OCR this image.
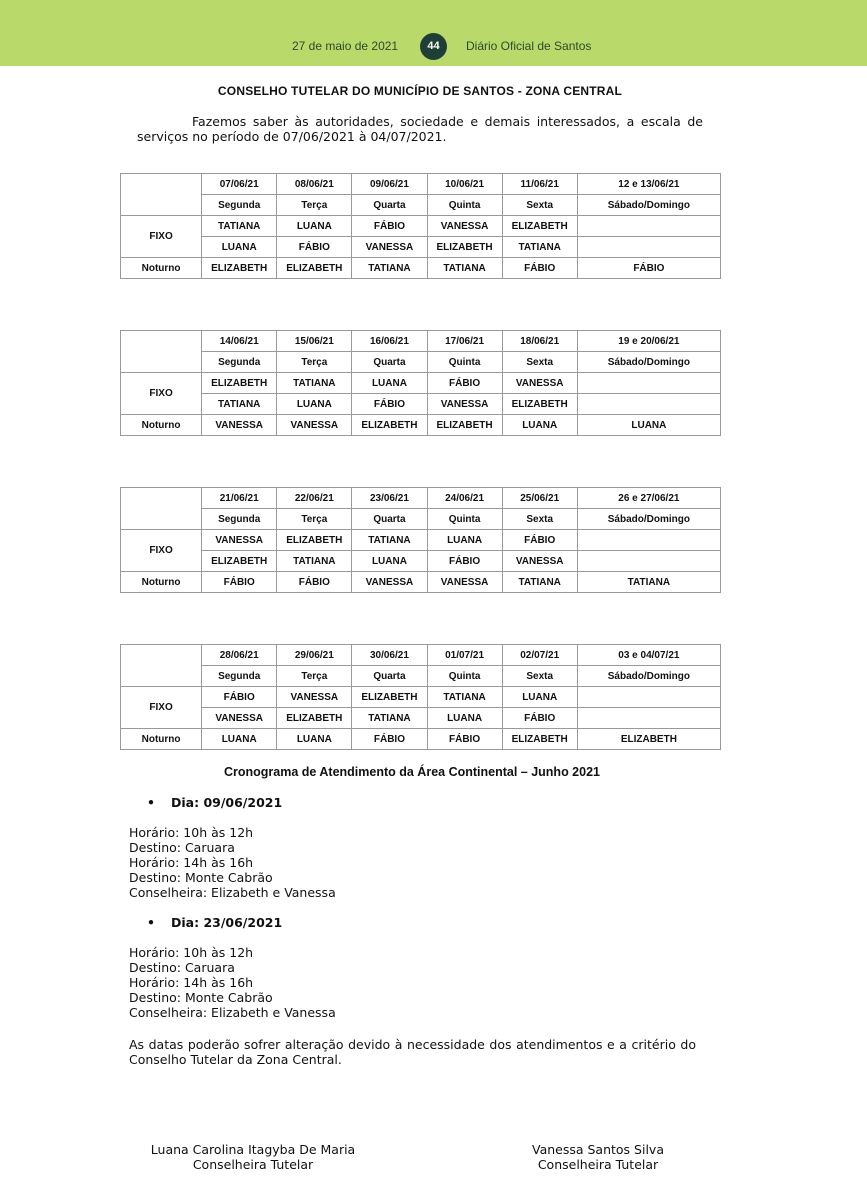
27 de maio de 2021	44	Diário Oficial de Santos
CONSELHO TUTELAR DO MUNICÍPIO DE SANTOS - ZONA CENTRAL
Fazemos saber às autoridades, sociedade e demais interessados, a escala de serviços no período de 07/06/2021 à 04/07/2021.
	07/06/21	08/06/21	09/06/21	10/06/21	11/06/21	12 e 13/06/21
	Segunda	Terça	Quarta	Quinta	Sexta	Sábado/Domingo
FIXO	TATIANA	LUANA	FÁBIO	VANESSA	ELIZABETH	
	LUANA	FÁBIO	VANESSA	ELIZABETH	TATIANA	
Noturno	ELIZABETH	ELIZABETH	TATIANA	TATIANA	FÁBIO	FÁBIO
	14/06/21	15/06/21	16/06/21	17/06/21	18/06/21	19 e 20/06/21
	Segunda	Terça	Quarta	Quinta	Sexta	Sábado/Domingo
FIXO	ELIZABETH	TATIANA	LUANA	FÁBIO	VANESSA	
	TATIANA	LUANA	FÁBIO	VANESSA	ELIZABETH	
Noturno	VANESSA	VANESSA	ELIZABETH	ELIZABETH	LUANA	LUANA
	21/06/21	22/06/21	23/06/21	24/06/21	25/06/21	26 e 27/06/21
	Segunda	Terça	Quarta	Quinta	Sexta	Sábado/Domingo
FIXO	VANESSA	ELIZABETH	TATIANA	LUANA	FÁBIO	
	ELIZABETH	TATIANA	LUANA	FÁBIO	VANESSA	
Noturno	FÁBIO	FÁBIO	VANESSA	VANESSA	TATIANA	TATIANA
	28/06/21	29/06/21	30/06/21	01/07/21	02/07/21	03 e 04/07/21
	Segunda	Terça	Quarta	Quinta	Sexta	Sábado/Domingo
FIXO	FÁBIO	VANESSA	ELIZABETH	TATIANA	LUANA	
	VANESSA	ELIZABETH	TATIANA	LUANA	FÁBIO	
Noturno	LUANA	LUANA	FÁBIO	FÁBIO	ELIZABETH	ELIZABETH
Cronograma de Atendimento da Área Continental – Junho 2021
• Dia: 09/06/2021
Horário: 10h às 12h
Destino: Caruara
Horário: 14h às 16h
Destino: Monte Cabrão
Conselheira: Elizabeth e Vanessa
• Dia: 23/06/2021
Horário: 10h às 12h
Destino: Caruara
Horário: 14h às 16h
Destino: Monte Cabrão
Conselheira: Elizabeth e Vanessa
As datas poderão sofrer alteração devido à necessidade dos atendimentos e a critério do Conselho Tutelar da Zona Central.
Luana Carolina Itagyba De Maria
Conselheira Tutelar
Vanessa Santos Silva
Conselheira Tutelar
